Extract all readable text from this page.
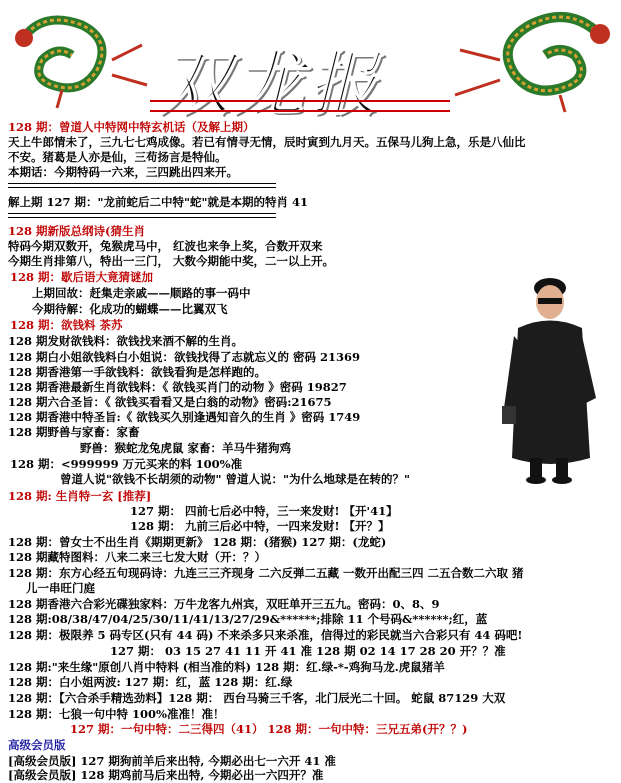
双龙报
128 期：曾道人中特网中特玄机话（及解上期）
天上牛郎情未了，三九七七鸡成像。若已有情寻无情，辰时寅到九月天。五保马儿狗上急，乐是八仙比
不安。猪葛是人亦是仙，三苟扬言是特仙。
本期话：今期特码一六来，三四跳出四来开。
解上期 127 期："龙前蛇后二中特"蛇"就是本期的特肖 41
128 期新版总纲诗(猜生肖
特码今期双数开，兔猴虎马中， 红波也来争上奖，合数开双来
今期生肖排第八，特出一三门， 大数今期能中奖，二一以上开。
128 期：歇后语大竟猜谜加
上期回故：赶集走亲戚——顺路的事一码中
今期待解：化成功的蝴蝶——比翼双飞
128 期：欲钱料 茶苏
128 期发财欲钱料：欲钱找来酒不解的生肖。
128 期白小姐欲钱料白小姐说：欲钱找得了志就忘义的 密码 21369
128 期香港第一手欲钱料：欲钱看狗是怎样跑的。
128 期香港最新生肖欲钱料：《 欲钱买肖门的动物 》密码 19827
128 期六合圣旨：《 欲钱买看看又是白翁的动物》密码:21675
128 期香港中特圣旨:《 欲钱买久别逢遇知音久的生肖 》密码 1749
128 期野兽与家畜：家畜
野兽：猴蛇龙兔虎鼠 家畜：羊马牛猪狗鸡
128 期：<999999 万元买来的料 100%准
曾道人说"欲钱不长胡须的动物" 曾道人说："为什么地球是在转的？"
128 期: 生肖特一玄 [推荐]
127 期： 四前七后必中特，三一来发财! 【开'41】
128 期： 九前三后必中特，一四来发财! 【开？】
128 期：曾女士不出生肖《期期更新》 128 期：(猪猴) 127 期：(龙蛇)
128 期藏特图料：八来二来三七发大财（开：？）
128 期：东方心经五句现码诗：九连三三齐现身 二六反弹二五藏 一数开出配三四 二五合数二六取 猪
儿一串旺门庭
128 期香港六合彩光碟独家料：万牛龙客九州宾，双旺单开三五九。密码：0、8、9
128 期:08/38/47/04/25/30/11/41/13/27/29&******;排除 11 个号码&******;红，蓝
128 期：极限养 5 码专区(只有 44 码) 不来杀多只来杀准，信得过的彩民就当六合彩只有 44 码吧!
127 期： 03 15 27 41 11 开 41 准 128 期 02 14 17 28 20 开？？准
128 期:"来生缘"原创八肖中特料 (相当准的料) 128 期：红.绿-*-鸡狗马龙.虎鼠猪羊
128 期：白小姐两波: 127 期：红，蓝 128 期：红.绿
128 期：【六合杀手精选劲料】128 期： 西台马骑三千客，北门辰光二十回。 蛇鼠 87129 大双
128 期：七狼一句中特 100%准准！准！
127 期：一句中特：二三得四（41） 128 期：一句中特：三兄五弟(开？？)
高级会员版
[高级会员版] 127 期狗前羊后来出特, 今期必出七一六开 41 准
[高级会员版] 128 期鸡前马后来出特, 今期必出一六四开？准
